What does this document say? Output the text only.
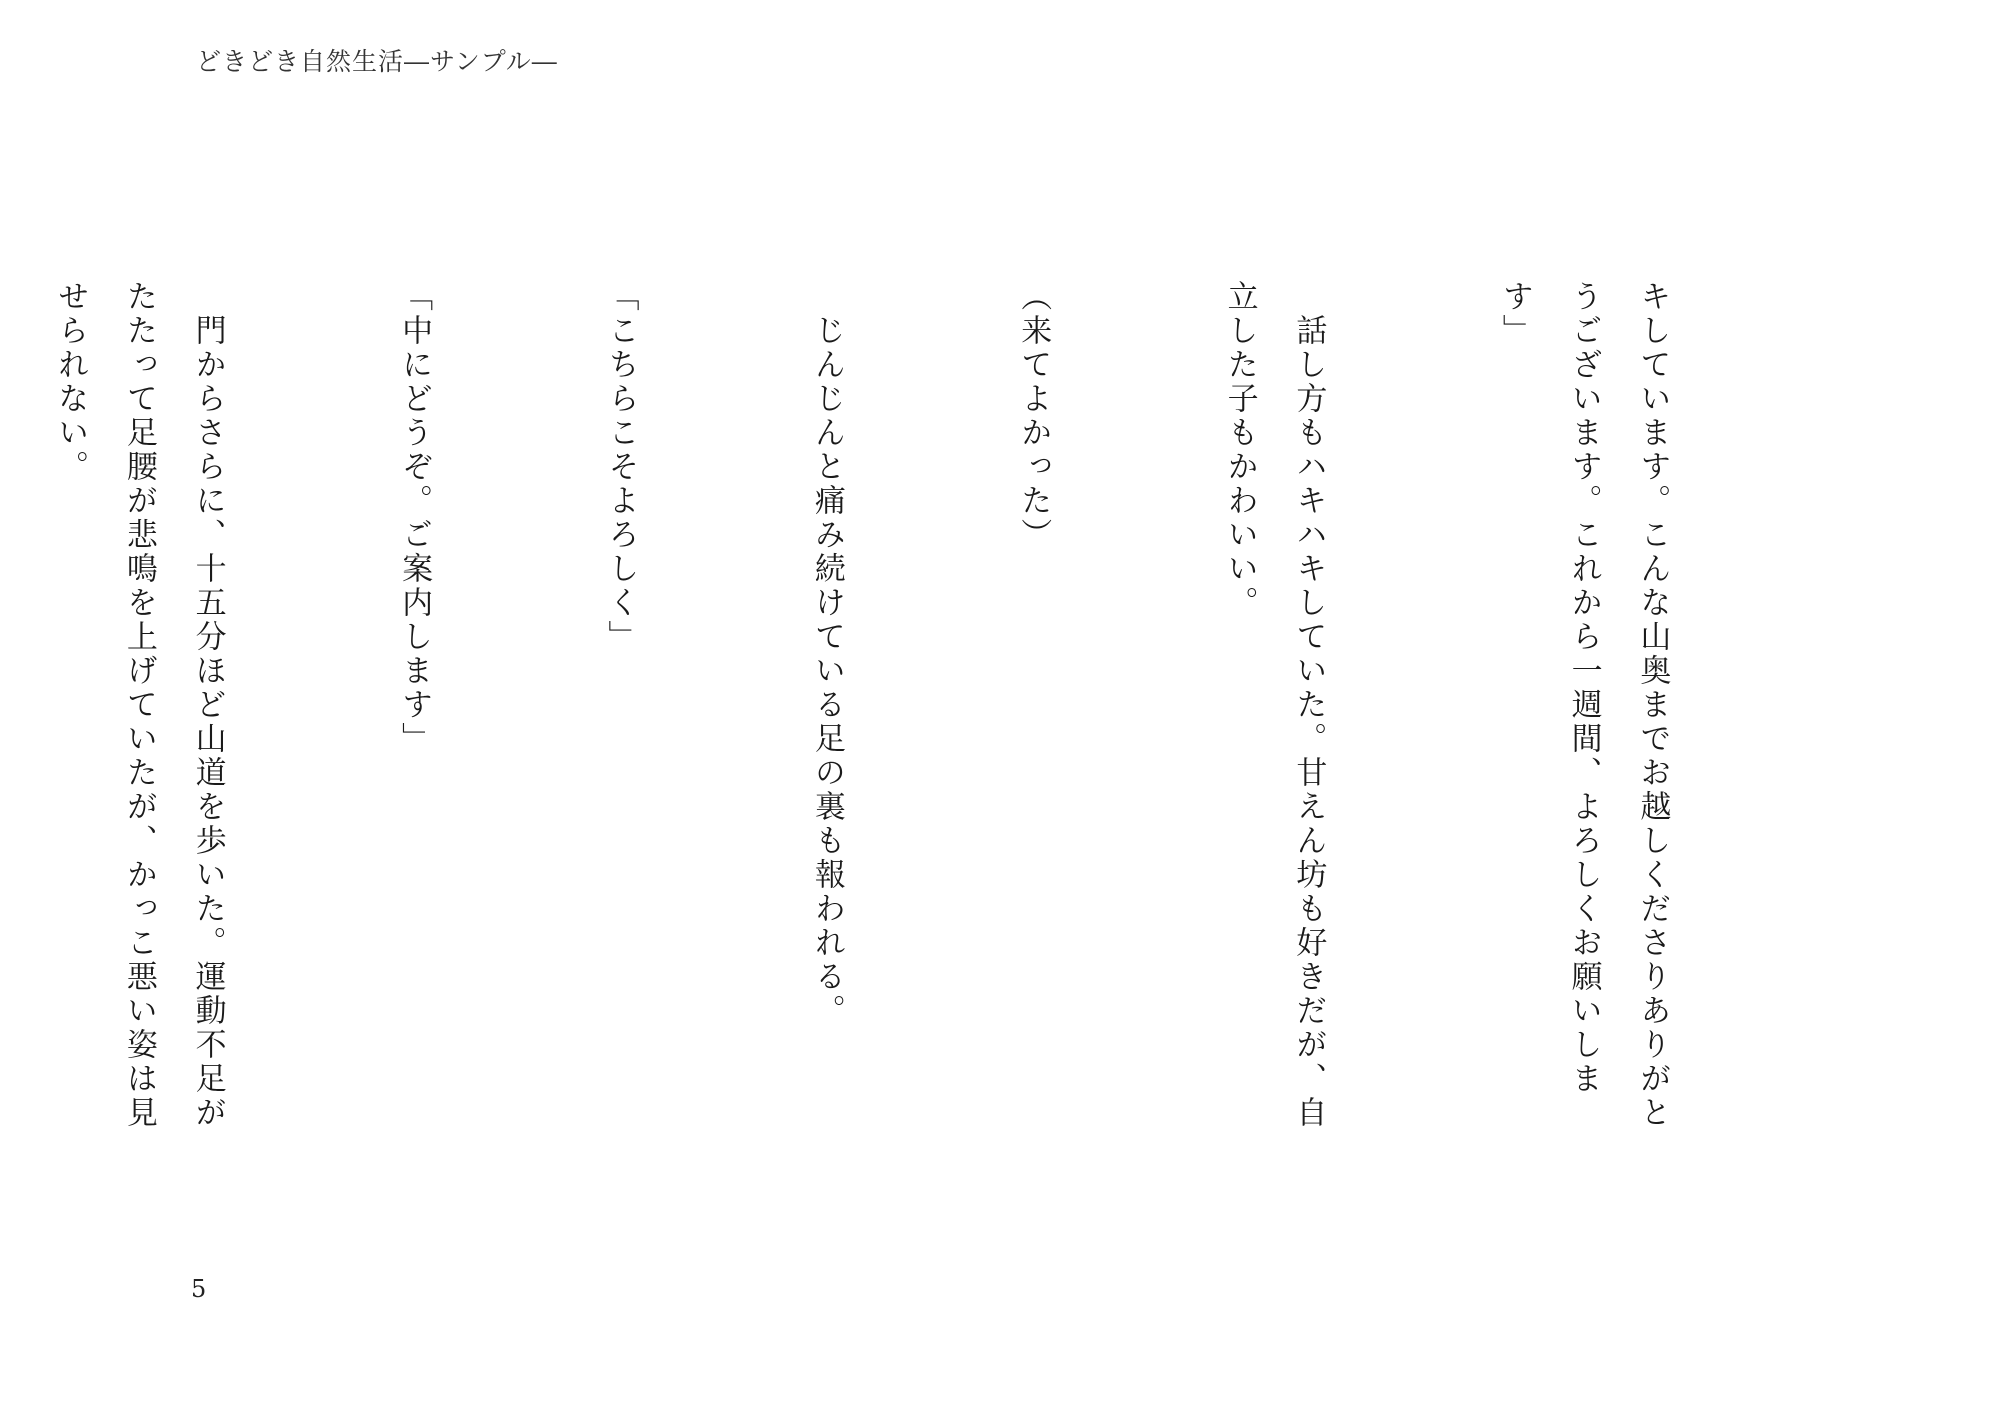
どきどき自然生活―サンプル―

キしています。こんな山奥までお越しくださりありがとうございます。これから一週間、よろしくお願いします」

　話し方もハキハキしていた。甘えん坊も好きだが、自立した子もかわいい。

（来てよかった）

　じんじんと痛み続けている足の裏も報われる。

「こちらこそよろしく」

「中にどうぞ。ご案内します」

　門からさらに、十五分ほど山道を歩いた。運動不足がたたって足腰が悲鳴を上げていたが、かっこ悪い姿は見せられない。

5
